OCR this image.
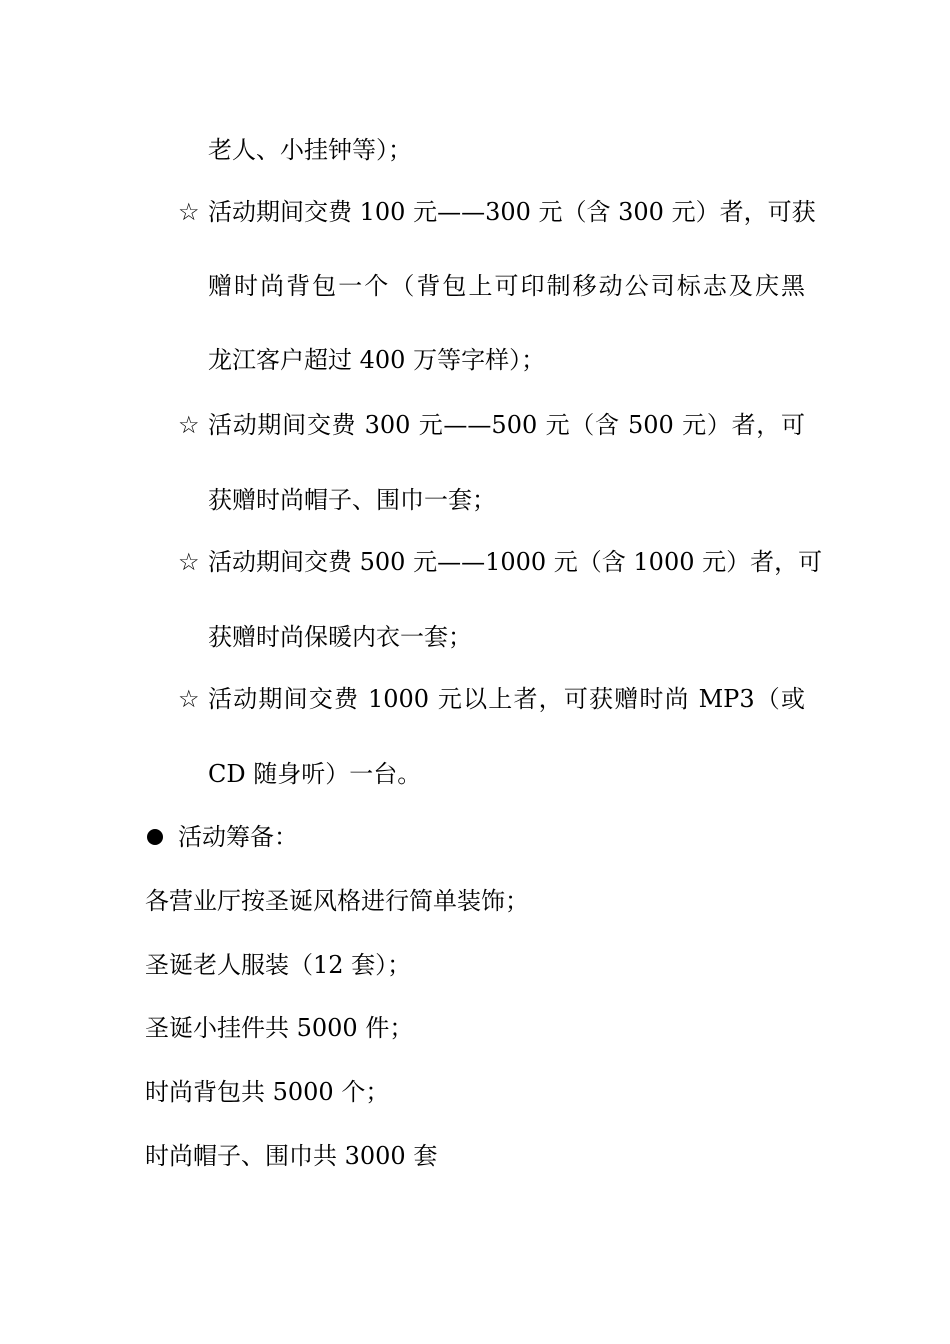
老人、小挂钟等）；
☆ 活动期间交费 100 元——300 元（含 300 元）者，可获
赠时尚背包一个（背包上可印制移动公司标志及庆黑
龙江客户超过 400 万等字样）；
☆ 活动期间交费 300 元——500 元（含 500 元）者，可
获赠时尚帽子、围巾一套；
☆ 活动期间交费 500 元——1000 元（含 1000 元）者，可
获赠时尚保暖内衣一套；
☆ 活动期间交费 1000 元以上者，可获赠时尚 MP3（或
CD 随身听）一台。
活动筹备：
各营业厅按圣诞风格进行简单装饰；
圣诞老人服装（12 套）；
圣诞小挂件共 5000 件；
时尚背包共 5000 个；
时尚帽子、围巾共 3000 套
